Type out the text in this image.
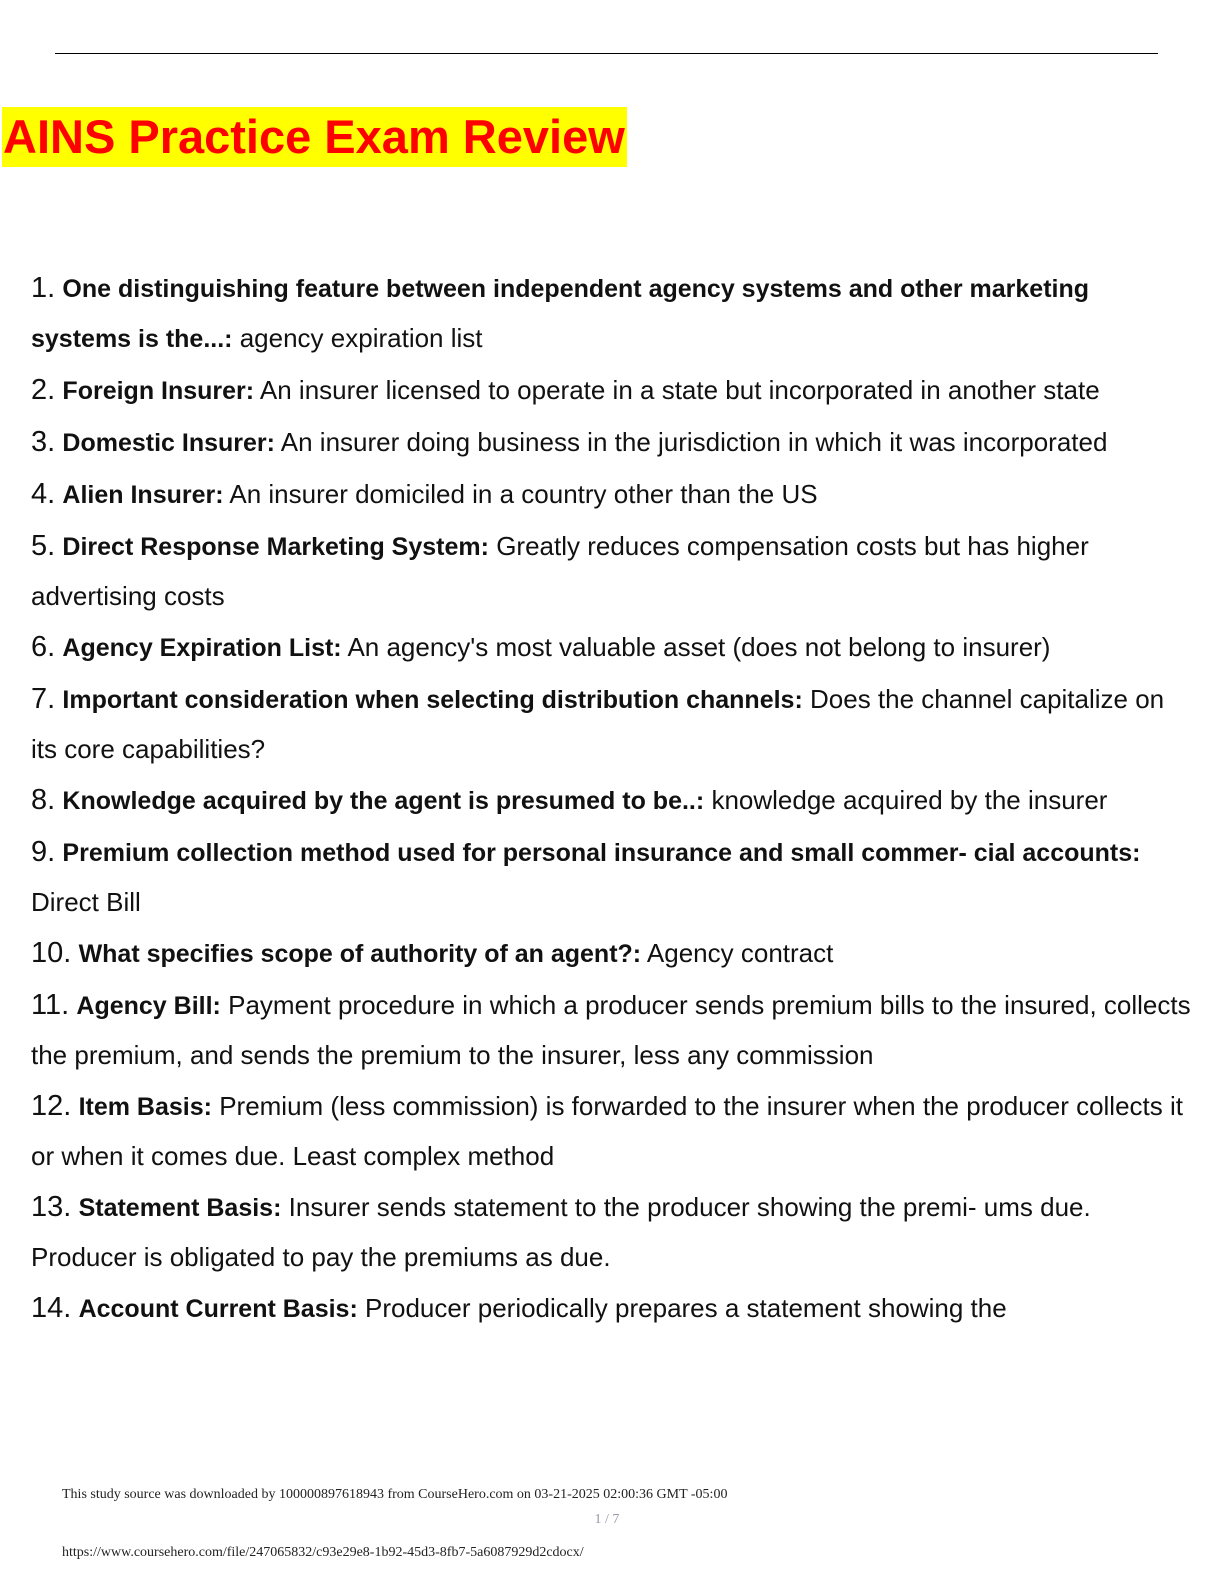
AINS Practice Exam Review
1. One distinguishing feature between independent agency systems and other marketing systems is the...: agency expiration list
2. Foreign Insurer: An insurer licensed to operate in a state but incorporated in another state
3. Domestic Insurer: An insurer doing business in the jurisdiction in which it was incorporated
4. Alien Insurer: An insurer domiciled in a country other than the US
5. Direct Response Marketing System: Greatly reduces compensation costs but has higher advertising costs
6. Agency Expiration List: An agency's most valuable asset (does not belong to insurer)
7. Important consideration when selecting distribution channels: Does the channel capitalize on its core capabilities?
8. Knowledge acquired by the agent is presumed to be..: knowledge acquired by the insurer
9. Premium collection method used for personal insurance and small commer- cial accounts: Direct Bill
10. What specifies scope of authority of an agent?: Agency contract
11. Agency Bill: Payment procedure in which a producer sends premium bills to the insured, collects the premium, and sends the premium to the insurer, less any commission
12. Item Basis: Premium (less commission) is forwarded to the insurer when the producer collects it or when it comes due. Least complex method
13. Statement Basis: Insurer sends statement to the producer showing the premi- ums due. Producer is obligated to pay the premiums as due.
14. Account Current Basis: Producer periodically prepares a statement showing the
This study source was downloaded by 100000897618943 from CourseHero.com on 03-21-2025 02:00:36 GMT -05:00
1 / 7
https://www.coursehero.com/file/247065832/c93e29e8-1b92-45d3-8fb7-5a6087929d2cdocx/
